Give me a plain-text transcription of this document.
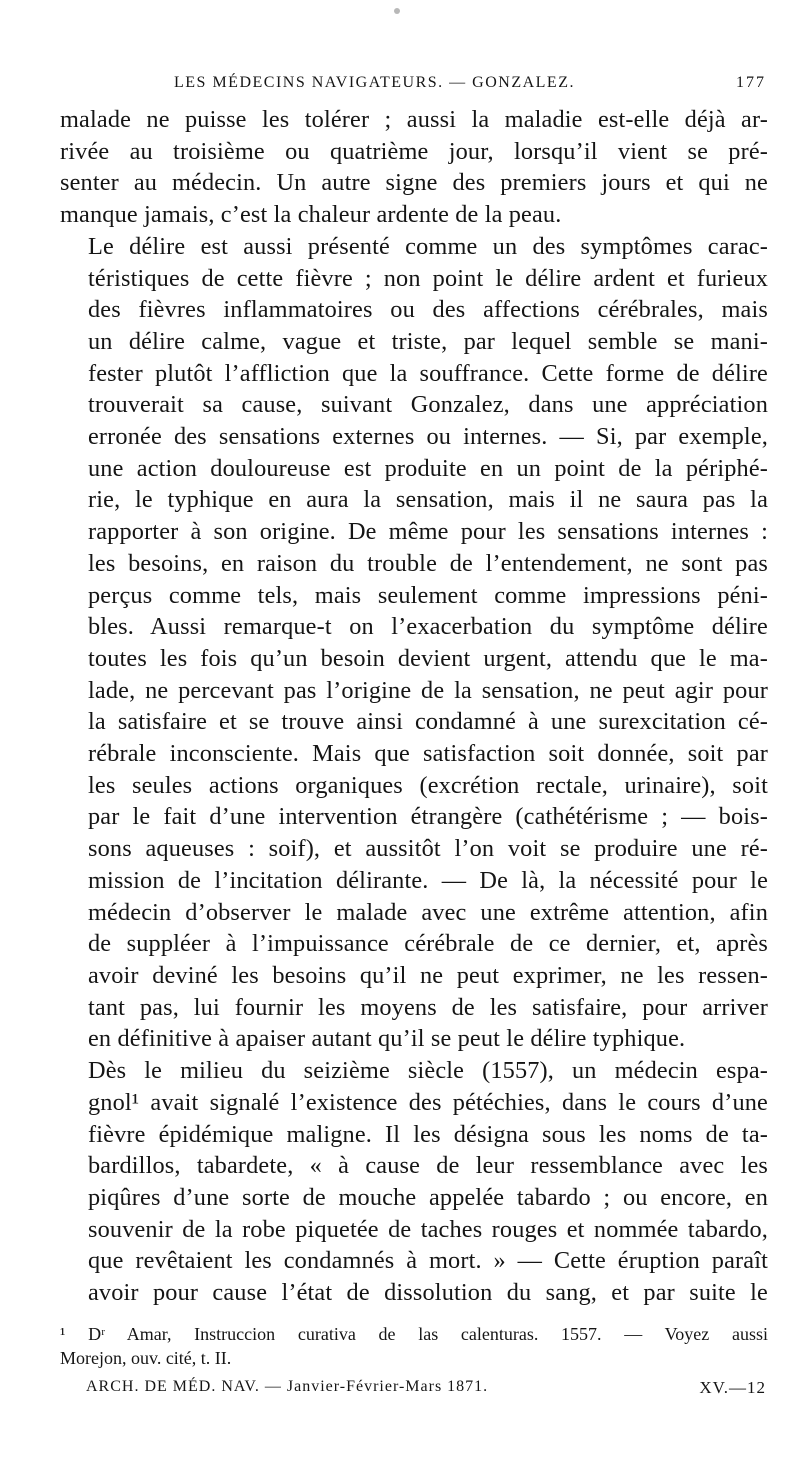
LES MÉDECINS NAVIGATEURS. — GONZALEZ.	177

malade ne puisse les tolérer ; aussi la maladie est-elle déjà ar-
rivée au troisième ou quatrième jour, lorsqu’il vient se pré-
senter au médecin. Un autre signe des premiers jours et qui ne
manque jamais, c’est la chaleur ardente de la peau.

Le délire est aussi présenté comme un des symptômes carac-
téristiques de cette fièvre ; non point le délire ardent et furieux
des fièvres inflammatoires ou des affections cérébrales, mais
un délire calme, vague et triste, par lequel semble se mani-
fester plutôt l’affliction que la souffrance. Cette forme de délire
trouverait sa cause, suivant Gonzalez, dans une appréciation
erronée des sensations externes ou internes. — Si, par exemple,
une action douloureuse est produite en un point de la périphé-
rie, le typhique en aura la sensation, mais il ne saura pas la
rapporter à son origine. De même pour les sensations internes :
les besoins, en raison du trouble de l’entendement, ne sont pas
perçus comme tels, mais seulement comme impressions péni-
bles. Aussi remarque-t on l’exacerbation du symptôme délire
toutes les fois qu’un besoin devient urgent, attendu que le ma-
lade, ne percevant pas l’origine de la sensation, ne peut agir pour
la satisfaire et se trouve ainsi condamné à une surexcitation cé-
rébrale inconsciente. Mais que satisfaction soit donnée, soit par
les seules actions organiques (excrétion rectale, urinaire), soit
par le fait d’une intervention étrangère (cathétérisme ; — bois-
sons aqueuses : soif), et aussitôt l’on voit se produire une ré-
mission de l’incitation délirante. — De là, la nécessité pour le
médecin d’observer le malade avec une extrême attention, afin
de suppléer à l’impuissance cérébrale de ce dernier, et, après
avoir deviné les besoins qu’il ne peut exprimer, ne les ressen-
tant pas, lui fournir les moyens de les satisfaire, pour arriver
en définitive à apaiser autant qu’il se peut le délire typhique.

Dès le milieu du seizième siècle (1557), un médecin espa-
gnol¹ avait signalé l’existence des pétéchies, dans le cours d’une
fièvre épidémique maligne. Il les désigna sous les noms de ta-
bardillos, tabardete, « à cause de leur ressemblance avec les
piqûres d’une sorte de mouche appelée tabardo ; ou encore, en
souvenir de la robe piquetée de taches rouges et nommée tabardo,
que revêtaient les condamnés à mort. » — Cette éruption paraît
avoir pour cause l’état de dissolution du sang, et par suite le

¹ Dʳ Amar, Instruccion curativa de las calenturas. 1557. — Voyez aussi
Morejon, ouv. cité, t. II.
ARCH. DE MÉD. NAV. — Janvier-Février-Mars 1871.	XV.—12
